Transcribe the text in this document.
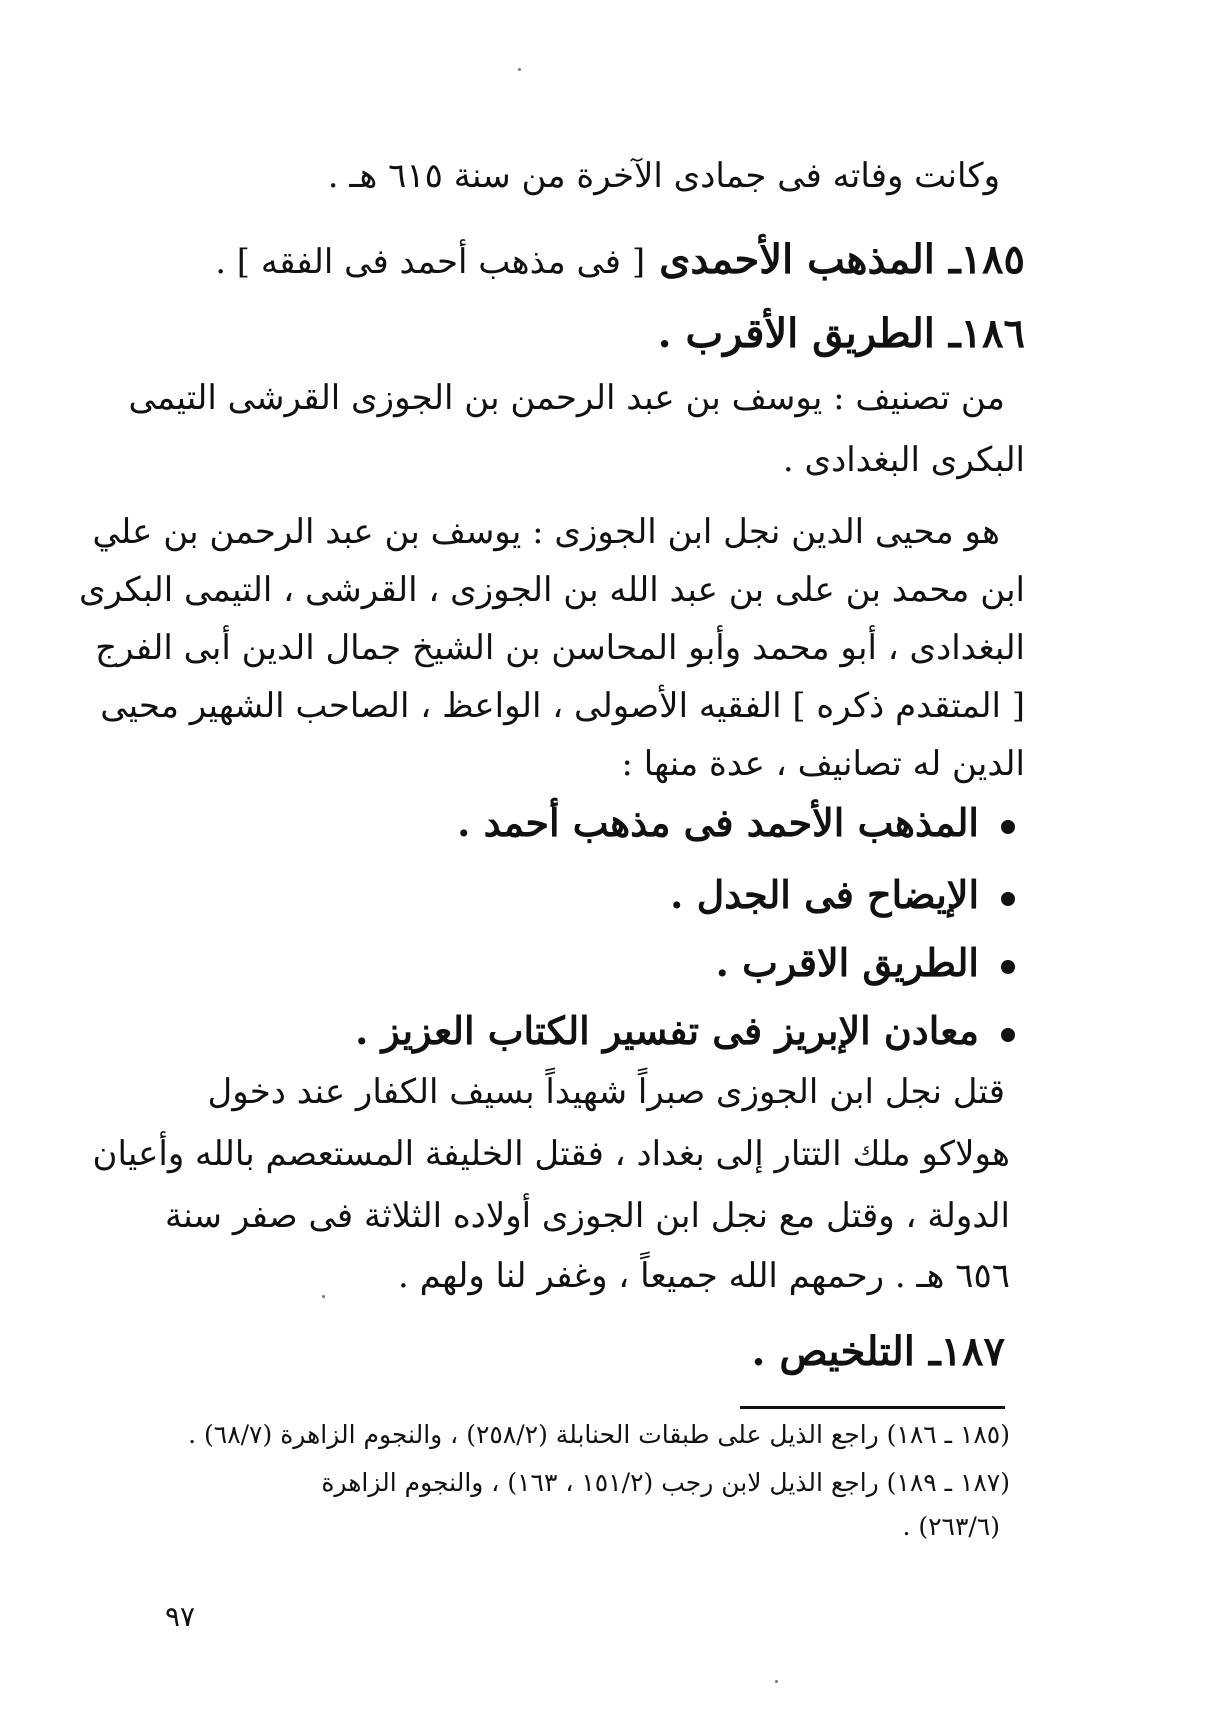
وكانت وفاته فى جمادى الآخرة من سنة ٦١٥ هـ .

١٨٥ـ المذهب الأحمدى [ فى مذهب أحمد فى الفقه ] .

١٨٦ـ الطريق الأقرب .

من تصنيف : يوسف بن عبد الرحمن بن الجوزى القرشى التيمى

البكرى البغدادى .

هو محيى الدين نجل ابن الجوزى : يوسف بن عبد الرحمن بن علي

ابن محمد بن على بن عبد الله بن الجوزى ، القرشى ، التيمى البكرى

البغدادى ، أبو محمد وأبو المحاسن بن الشيخ جمال الدين أبى الفرج

[ المتقدم ذكره ] الفقيه الأصولى ، الواعظ ، الصاحب الشهير محيى

الدين له تصانيف ، عدة منها :

المذهب الأحمد فى مذهب أحمد .

الإيضاح فى الجدل .

الطريق الاقرب .

معادن الإبريز فى تفسير الكتاب العزيز .

قتل نجل ابن الجوزى صبراً شهيداً بسيف الكفار عند دخول

هولاكو ملك التتار إلى بغداد ، فقتل الخليفة المستعصم بالله وأعيان

الدولة ، وقتل مع نجل ابن الجوزى أولاده الثلاثة فى صفر سنة

٦٥٦ هـ . رحمهم الله جميعاً ، وغفر لنا ولهم .

١٨٧ـ التلخيص .

(١٨٥ ـ ١٨٦) راجع الذيل على طبقات الحنابلة (٢٥٨/٢) ، والنجوم الزاهرة (٦٨/٧) .

(١٨٧ ـ ١٨٩) راجع الذيل لابن رجب (١٥١/٢ ، ١٦٣) ، والنجوم الزاهرة

(٢٦٣/٦) .

٩٧
